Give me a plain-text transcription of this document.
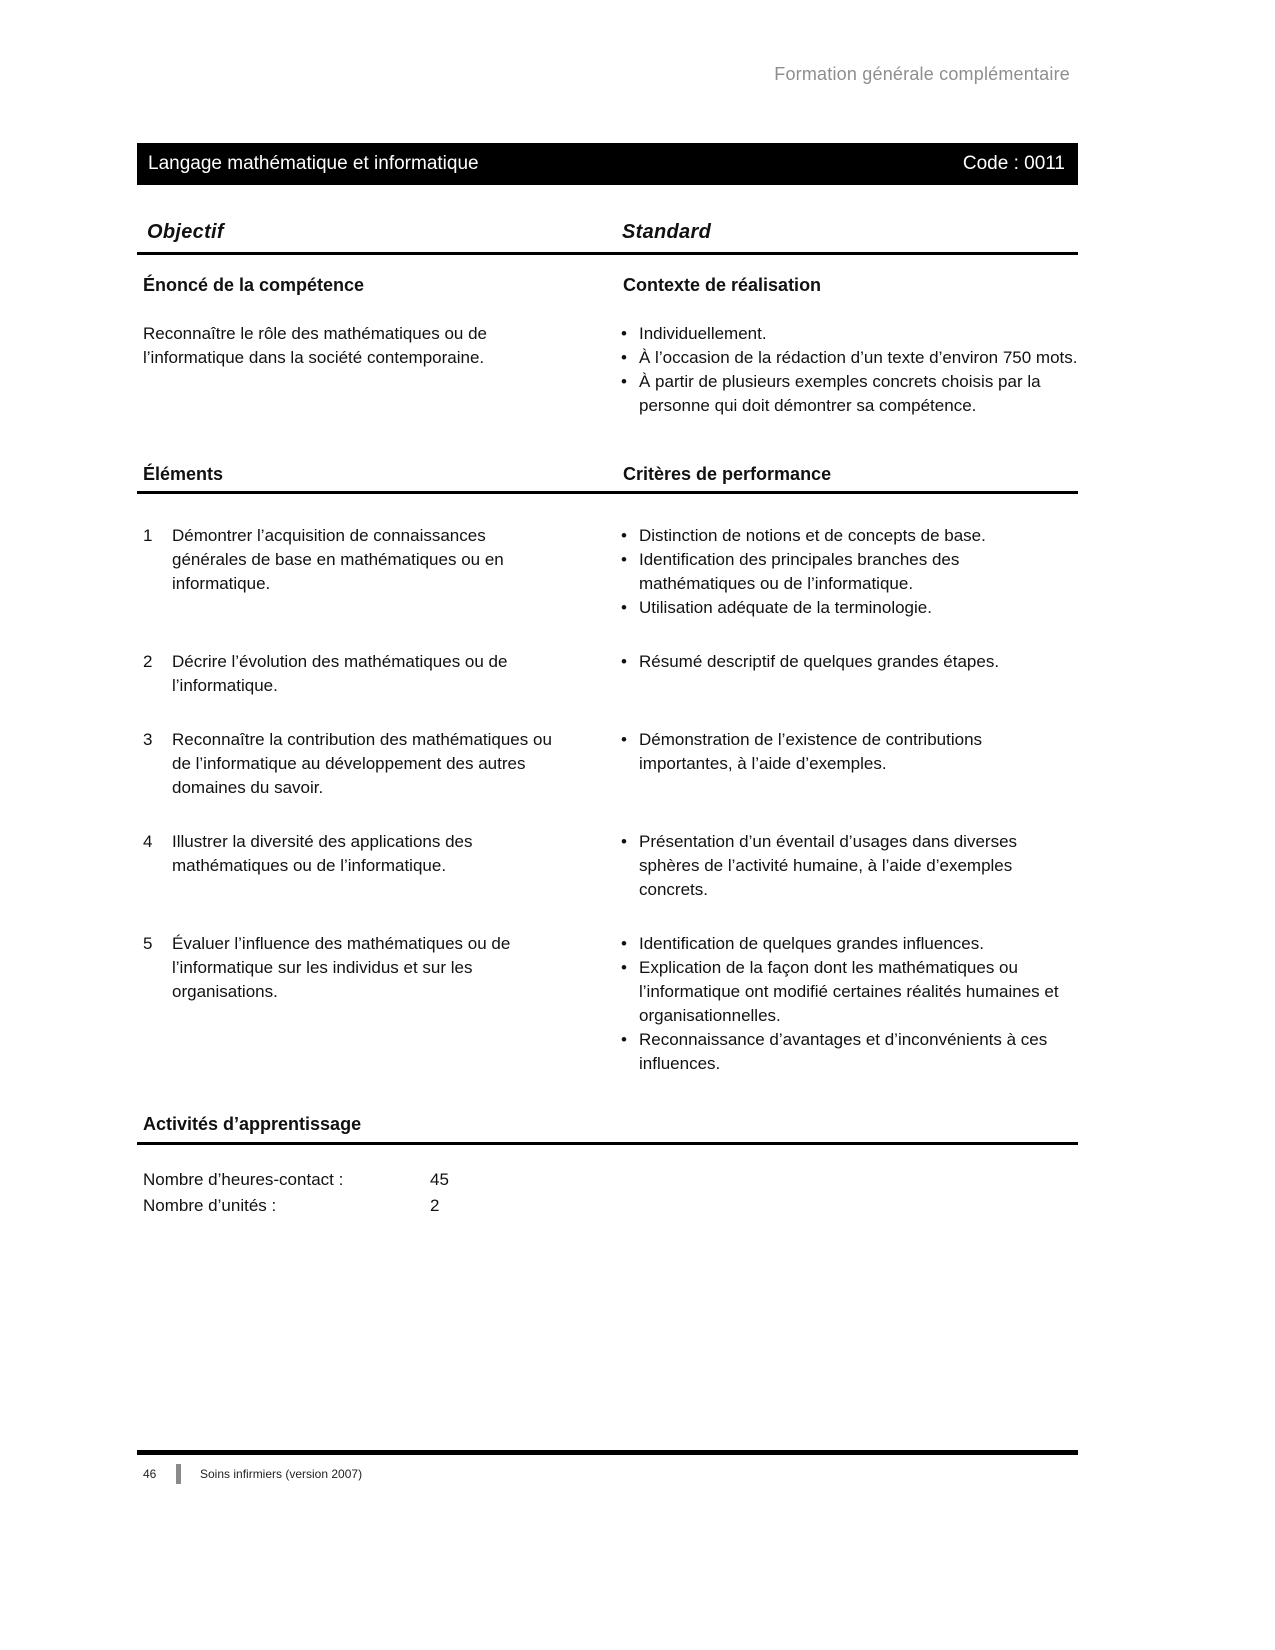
Formation générale complémentaire
Langage mathématique et informatique	Code : 0011
Objectif	Standard
Énoncé de la compétence	Contexte de réalisation

Reconnaître le rôle des mathématiques ou de l’informatique dans la société contemporaine.

• Individuellement.
• À l’occasion de la rédaction d’un texte d’environ 750 mots.
• À partir de plusieurs exemples concrets choisis par la personne qui doit démontrer sa compétence.
Éléments	Critères de performance
1	Démontrer l’acquisition de connaissances générales de base en mathématiques ou en informatique.
• Distinction de notions et de concepts de base.
• Identification des principales branches des mathématiques ou de l’informatique.
• Utilisation adéquate de la terminologie.
2	Décrire l’évolution des mathématiques ou de l’informatique.
• Résumé descriptif de quelques grandes étapes.
3	Reconnaître la contribution des mathématiques ou de l’informatique au développement des autres domaines du savoir.
• Démonstration de l’existence de contributions importantes, à l’aide d’exemples.
4	Illustrer la diversité des applications des mathématiques ou de l’informatique.
• Présentation d’un éventail d’usages dans diverses sphères de l’activité humaine, à l’aide d’exemples concrets.
5	Évaluer l’influence des mathématiques ou de l’informatique sur les individus et sur les organisations.
• Identification de quelques grandes influences.
• Explication de la façon dont les mathématiques ou l’informatique ont modifié certaines réalités humaines et organisationnelles.
• Reconnaissance d’avantages et d’inconvénients à ces influences.
Activités d’apprentissage
Nombre d’heures-contact :	45
Nombre d’unités :	2
46	Soins infirmiers (version 2007)
